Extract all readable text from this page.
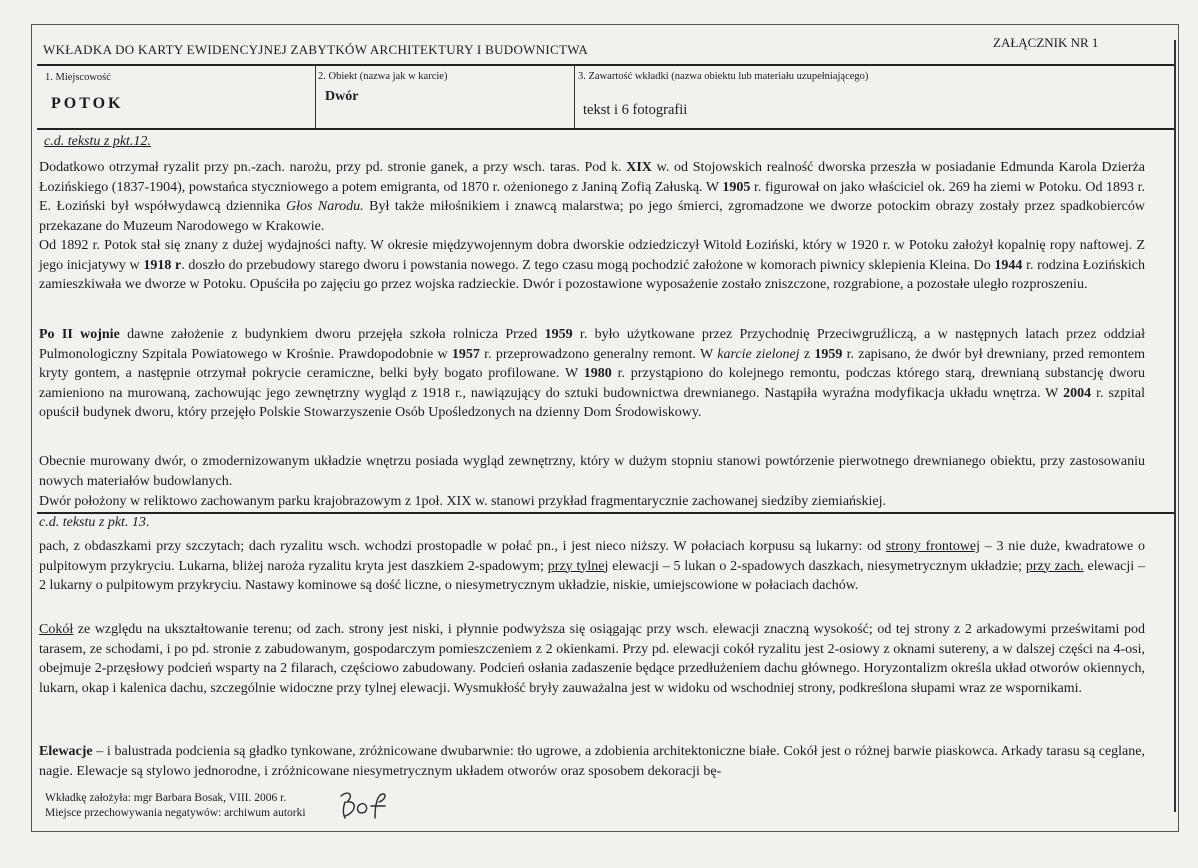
WKŁADKA DO KARTY EWIDENCYJNEJ ZABYTKÓW ARCHITEKTURY I BUDOWNICTWA	ZAŁĄCZNIK NR 1
1. Miejscowość
POTOK
2. Obiekt (nazwa jak w karcie)
Dwór
3. Zawartość wkładki (nazwa obiektu lub materiału uzupełniającego)
tekst i 6 fotografii
c.d. tekstu z pkt.12.

Dodatkowo otrzymał ryzalit przy pn.-zach. narożu, przy pd. stronie ganek, a przy wsch. taras. Pod k. XIX w. od Stojowskich realność dworska przeszła w posiadanie Edmunda Karola Dzierża Łozińskiego (1837-1904), powstańca styczniowego a potem emigranta, od 1870 r. ożenionego z Janiną Zofią Załuską. W 1905 r. figurował on jako właściciel ok. 269 ha ziemi w Potoku. Od 1893 r. E. Łoziński był współwydawcą dziennika Głos Narodu. Był także miłośnikiem i znawcą malarstwa; po jego śmierci, zgromadzone we dworze potockim obrazy zostały przez spadkobierców przekazane do Muzeum Narodowego w Krakowie.

Od 1892 r. Potok stał się znany z dużej wydajności nafty. W okresie międzywojennym dobra dworskie odziedziczył Witold Łoziński, który w 1920 r. w Potoku założył kopalnię ropy naftowej. Z jego inicjatywy w 1918 r. doszło do przebudowy starego dworu i powstania nowego. Z tego czasu mogą pochodzić założone w komorach piwnicy sklepienia Kleina. Do 1944 r. rodzina Łozińskich zamieszkiwała we dworze w Potoku. Opuściła po zajęciu go przez wojska radzieckie. Dwór i pozostawione wyposażenie zostało zniszczone, rozgrabione, a pozostałe uległo rozproszeniu.

Po II wojnie dawne założenie z budynkiem dworu przejęła szkoła rolnicza Przed 1959 r. było użytkowane przez Przychodnię Przeciwgruźliczą, a w następnych latach przez oddział Pulmonologiczny Szpitala Powiatowego w Krośnie. Prawdopodobnie w 1957 r. przeprowadzono generalny remont. W karcie zielonej z 1959 r. zapisano, że dwór był drewniany, przed remontem kryty gontem, a następnie otrzymał pokrycie ceramiczne, belki były bogato profilowane. W 1980 r. przystąpiono do kolejnego remontu, podczas którego starą, drewnianą substancję dworu zamieniono na murowaną, zachowując jego zewnętrzny wygląd z 1918 r., nawiązujący do sztuki budownictwa drewnianego. Nastąpiła wyraźna modyfikacja układu wnętrza. W 2004 r. szpital opuścił budynek dworu, który przejęło Polskie Stowarzyszenie Osób Upośledzonych na dzienny Dom Środowiskowy.

Obecnie murowany dwór, o zmodernizowanym układzie wnętrzu posiada wygląd zewnętrzny, który w dużym stopniu stanowi powtórzenie pierwotnego drewnianego obiektu, przy zastosowaniu nowych materiałów budowlanych.

Dwór położony w reliktowo zachowanym parku krajobrazowym z 1poł. XIX w. stanowi przykład fragmentarycznie zachowanej siedziby ziemiańskiej.

c.d. tekstu z pkt. 13.

pach, z obdaszkami przy szczytach; dach ryzalitu wsch. wchodzi prostopadle w połać pn., i jest nieco niższy. W połaciach korpusu są lukarny: od strony frontowej – 3 nie duże, kwadratowe o pulpitowym przykryciu. Lukarna, bliżej naroża ryzalitu kryta jest daszkiem 2-spadowym; przy tylnej elewacji – 5 lukan o 2-spadowych daszkach, niesymetrycznym układzie; przy zach. elewacji – 2 lukarny o pulpitowym przykryciu. Nastawy kominowe są dość liczne, o niesymetrycznym układzie, niskie, umiejscowione w połaciach dachów.

Cokół ze względu na ukształtowanie terenu; od zach. strony jest niski, i płynnie podwyższa się osiągając przy wsch. elewacji znaczną wysokość; od tej strony z 2 arkadowymi prześwitami pod tarasem, ze schodami, i po pd. stronie z zabudowanym, gospodarczym pomieszczeniem z 2 okienkami. Przy pd. elewacji cokół ryzalitu jest 2-osiowy z oknami sutereny, a w dalszej części na 4-osi, obejmuje 2-przęsłowy podcień wsparty na 2 filarach, częściowo zabudowany. Podcień osłania zadaszenie będące przedłużeniem dachu głównego. Horyzontalizm określa układ otworów okiennych, lukarn, okap i kalenica dachu, szczególnie widoczne przy tylnej elewacji. Wysmukłość bryły zauważalna jest w widoku od wschodniej strony, podkreślona słupami wraz ze wspornikami.

Elewacje – i balustrada podcienia są gładko tynkowane, zróżnicowane dwubarwnie: tło ugrowe, a zdobienia architektoniczne białe. Cokół jest o różnej barwie piaskowca. Arkady tarasu są ceglane, nagie. Elewacje są stylowo jednorodne, i zróżnicowane niesymetrycznym układem otworów oraz sposobem dekoracji bę-

Wkładkę założyła: mgr Barbara Bosak, VIII. 2006 r.
Miejsce przechowywania negatywów: archiwum autorki
